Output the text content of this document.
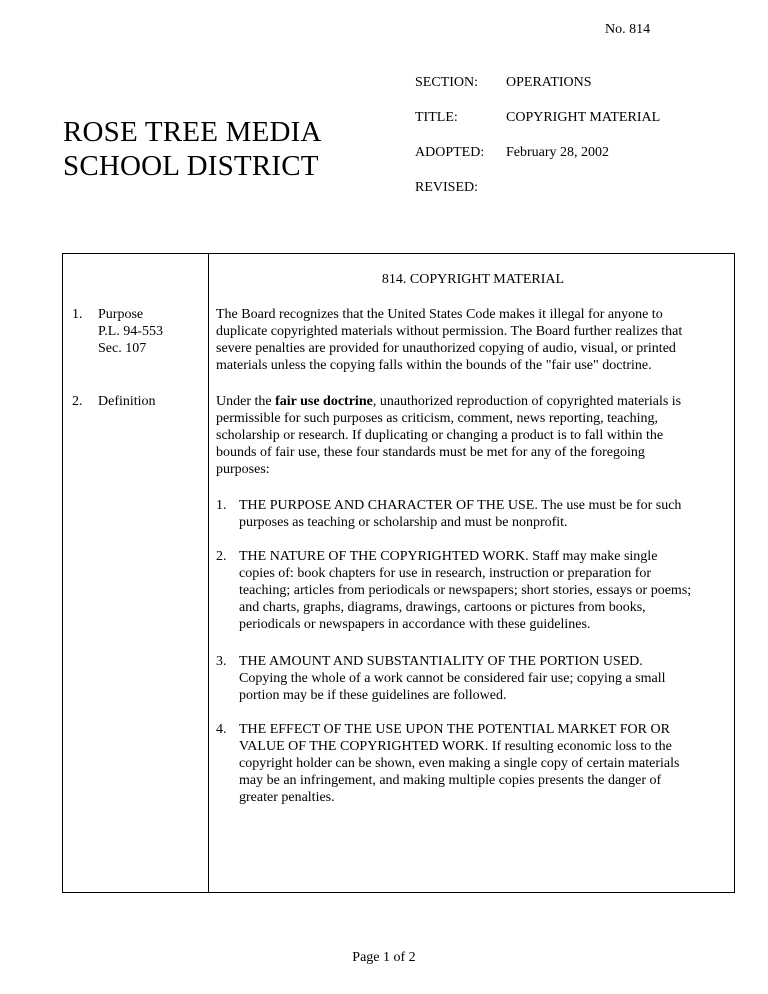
No. 814
ROSE TREE MEDIA
SCHOOL DISTRICT
SECTION: OPERATIONS
TITLE:	COPYRIGHT MATERIAL
ADOPTED: February 28, 2002
REVISED:
814. COPYRIGHT MATERIAL
1. Purpose
P.L. 94-553
Sec. 107
2. Definition
The Board recognizes that the United States Code makes it illegal for anyone to
duplicate copyrighted materials without permission. The Board further realizes that
severe penalties are provided for unauthorized copying of audio, visual, or printed
materials unless the copying falls within the bounds of the "fair use" doctrine.
Under the fair use doctrine, unauthorized reproduction of copyrighted materials is
permissible for such purposes as criticism, comment, news reporting, teaching,
scholarship or research. If duplicating or changing a product is to fall within the
bounds of fair use, these four standards must be met for any of the foregoing
purposes:
1. THE PURPOSE AND CHARACTER OF THE USE. The use must be for such
purposes as teaching or scholarship and must be nonprofit.
2. THE NATURE OF THE COPYRIGHTED WORK. Staff may make single
copies of: book chapters for use in research, instruction or preparation for
teaching; articles from periodicals or newspapers; short stories, essays or poems;
and charts, graphs, diagrams, drawings, cartoons or pictures from books,
periodicals or newspapers in accordance with these guidelines.
3. THE AMOUNT AND SUBSTANTIALITY OF THE PORTION USED.
Copying the whole of a work cannot be considered fair use; copying a small
portion may be if these guidelines are followed.
4. THE EFFECT OF THE USE UPON THE POTENTIAL MARKET FOR OR
VALUE OF THE COPYRIGHTED WORK. If resulting economic loss to the
copyright holder can be shown, even making a single copy of certain materials
may be an infringement, and making multiple copies presents the danger of
greater penalties.
Page 1 of 2
